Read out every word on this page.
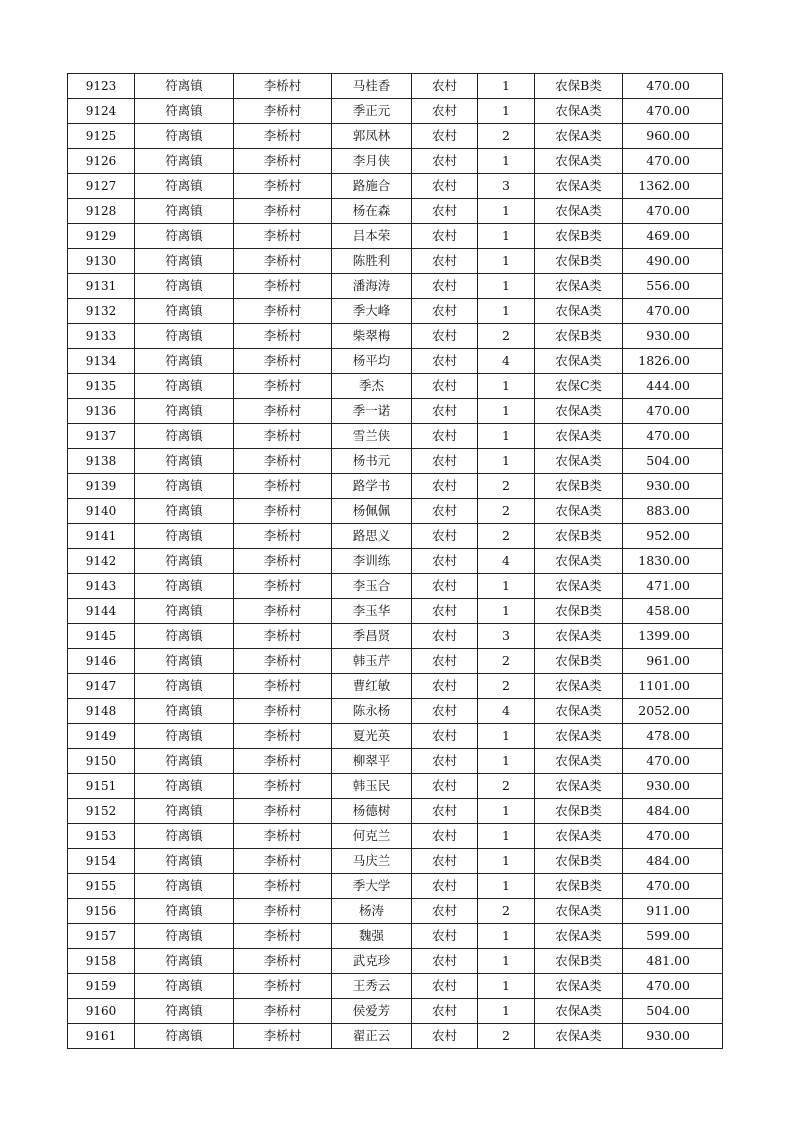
9123	符离镇	李桥村	马桂香	农村	1	农保B类	470.00
9124	符离镇	李桥村	季正元	农村	1	农保A类	470.00
9125	符离镇	李桥村	郭凤林	农村	2	农保A类	960.00
9126	符离镇	李桥村	李月侠	农村	1	农保A类	470.00
9127	符离镇	李桥村	路施合	农村	3	农保A类	1362.00
9128	符离镇	李桥村	杨在森	农村	1	农保A类	470.00
9129	符离镇	李桥村	吕本荣	农村	1	农保B类	469.00
9130	符离镇	李桥村	陈胜利	农村	1	农保B类	490.00
9131	符离镇	李桥村	潘海涛	农村	1	农保A类	556.00
9132	符离镇	李桥村	季大峰	农村	1	农保A类	470.00
9133	符离镇	李桥村	柴翠梅	农村	2	农保B类	930.00
9134	符离镇	李桥村	杨平均	农村	4	农保A类	1826.00
9135	符离镇	李桥村	季杰	农村	1	农保C类	444.00
9136	符离镇	李桥村	季一诺	农村	1	农保A类	470.00
9137	符离镇	李桥村	雪兰侠	农村	1	农保A类	470.00
9138	符离镇	李桥村	杨书元	农村	1	农保A类	504.00
9139	符离镇	李桥村	路学书	农村	2	农保B类	930.00
9140	符离镇	李桥村	杨佩佩	农村	2	农保A类	883.00
9141	符离镇	李桥村	路思义	农村	2	农保B类	952.00
9142	符离镇	李桥村	李训练	农村	4	农保A类	1830.00
9143	符离镇	李桥村	李玉合	农村	1	农保A类	471.00
9144	符离镇	李桥村	李玉华	农村	1	农保B类	458.00
9145	符离镇	李桥村	季昌贤	农村	3	农保A类	1399.00
9146	符离镇	李桥村	韩玉芹	农村	2	农保B类	961.00
9147	符离镇	李桥村	曹红敏	农村	2	农保A类	1101.00
9148	符离镇	李桥村	陈永杨	农村	4	农保A类	2052.00
9149	符离镇	李桥村	夏光英	农村	1	农保A类	478.00
9150	符离镇	李桥村	柳翠平	农村	1	农保A类	470.00
9151	符离镇	李桥村	韩玉民	农村	2	农保A类	930.00
9152	符离镇	李桥村	杨德树	农村	1	农保B类	484.00
9153	符离镇	李桥村	何克兰	农村	1	农保A类	470.00
9154	符离镇	李桥村	马庆兰	农村	1	农保B类	484.00
9155	符离镇	李桥村	季大学	农村	1	农保B类	470.00
9156	符离镇	李桥村	杨涛	农村	2	农保A类	911.00
9157	符离镇	李桥村	魏强	农村	1	农保A类	599.00
9158	符离镇	李桥村	武克珍	农村	1	农保B类	481.00
9159	符离镇	李桥村	王秀云	农村	1	农保A类	470.00
9160	符离镇	李桥村	侯爱芳	农村	1	农保A类	504.00
9161	符离镇	李桥村	翟正云	农村	2	农保A类	930.00
